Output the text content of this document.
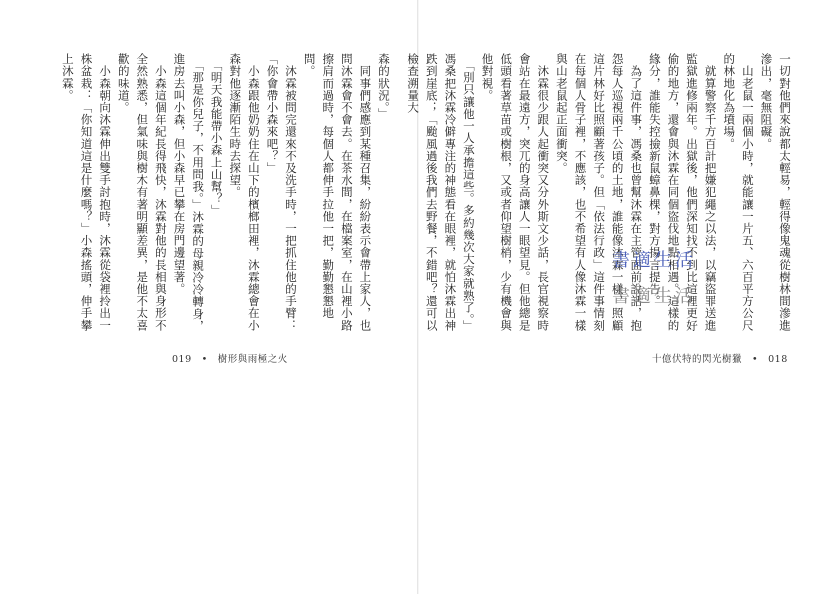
森的狀況。」
　同事們感應到某種召集，紛紛表示會帶上家人，也問沐霖會不會去。在茶水間，在檔案室，在山裡小路擦肩而過時，每個人都伸手拉他一把，勤勤懇懇地問。
　沐霖被問完還來不及洗手時，一把抓住他的手臂：「你會帶小森來吧？」
　小森跟他奶奶住在山下的檳榔田裡，沐霖總會在小森對他逐漸陌生時去探望。
　「明天我能帶小森上山幫？」
　「那是你兒子，不用問我。」沐霖的母親冷冷轉身，進房去叫小森，但小森早已攀在房門邊望著。
　小森這個年紀長得飛快，沐霖對他的長相與身形不全然熟悉，但氣味與樹木有著明顯差異，是他不太喜歡的味道。
　小森朝向沐霖伸出雙手討抱時，沐霖從袋裡拎出一株盆栽：「你知道這是什麼嗎？」小森搖頭，伸手攀上沐霖。
019　•　樹形與雨極之火
一切對他們來說都太輕易，輕得像鬼魂從樹林間滲進滲出，毫無阻礙。
　山老鼠一兩個小時，就能讓一片五、六百平方公尺的林地化為墳場。
　就算警察千方百計把嫌犯繩之以法，以竊盜罪送進監獄進修兩年。出獄後，他們深知找不到比這裡更好偷的地方，還會與沐霖在同個盜伐地點相遇。這樣的緣分，誰能失控撿新鼠蟑鼻棵，對方揚言提告。
　為了這件事，馮桑也曾幫沐霖在主管面前說話，抱怨每人巡視兩千公頃的土地，誰能像沐霖一樣，照顧這片林好比照顧著孩子。但「依法行政」這件事情刻在每個人骨子裡，不應該，也不希望有人像沐霖一樣與山老鼠起正面衝突。
　沐霖很少跟人起衝突又分外斯文少話，長官視察時會站在最遠方，突兀的身高讓人一眼望見。但他總是低頭看著草苗或樹根，又或者仰望樹梢，少有機會與他對視。
　「別只讓他一人承擔這些。多約幾次大家就熟了。」馮桑把沐霖冷僻專注的神態看在眼裡，就怕沐霖出神跌到崖底；「颱風過後我們去野餐，不錯吧？還可以檢查溯量大
十億伏特的閃光樹獵　•　018
書適生活
書適生活
